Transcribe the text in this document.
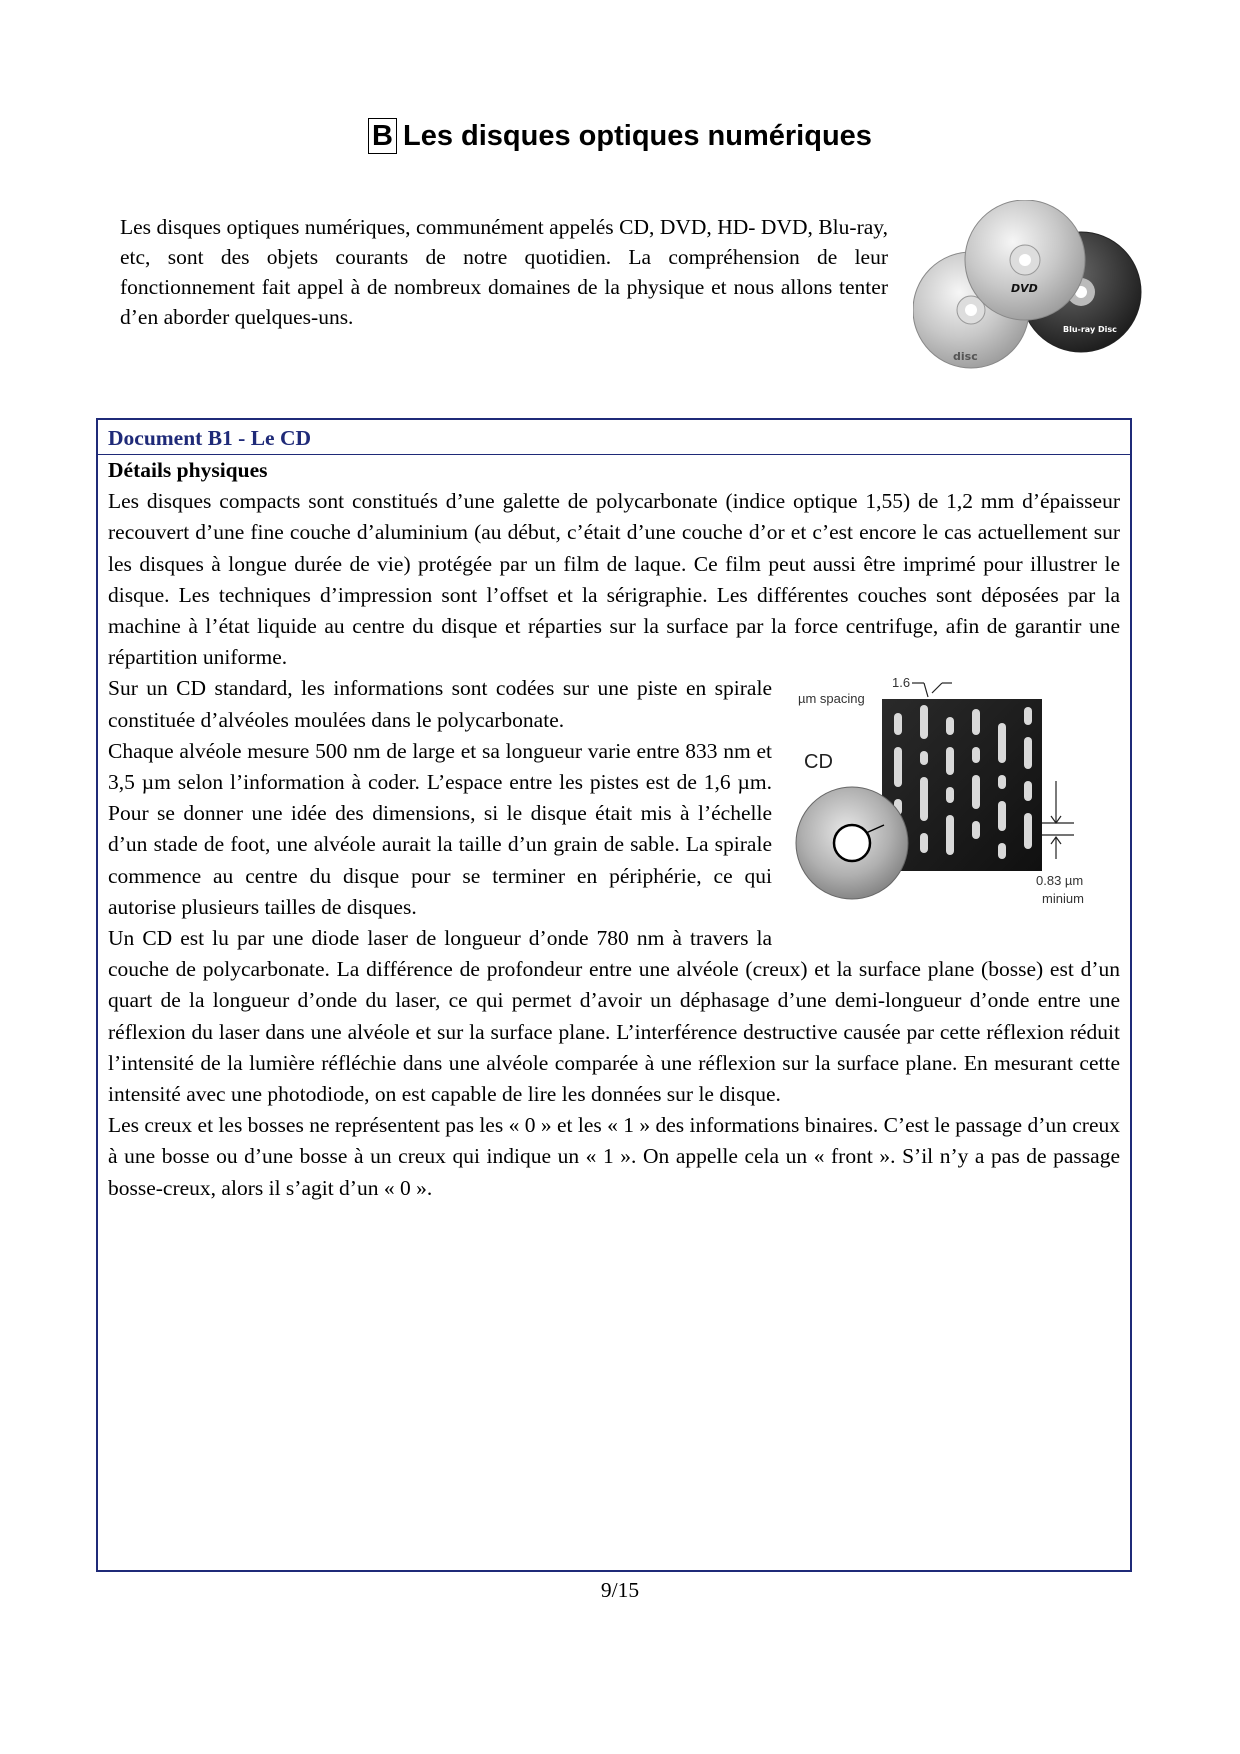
B Les disques optiques numériques

Les disques optiques numériques, communément appelés CD, DVD, HD- DVD, Blu-ray, etc, sont des objets courants de notre quotidien. La compréhension de leur fonctionnement fait appel à de nombreux domaines de la physique et nous allons tenter d’en aborder quelques-uns.

Blu-ray Disc
disc
DVD
Document B1 - Le CD

Détails physiques

Les disques compacts sont constitués d’une galette de polycarbonate (indice optique 1,55) de 1,2 mm d’épaisseur recouvert d’une fine couche d’aluminium (au début, c’était d’une couche d’or et c’est encore le cas actuellement sur les disques à longue durée de vie) protégée par un film de laque. Ce film peut aussi être imprimé pour illustrer le disque. Les techniques d’impression sont l’offset et la sérigraphie. Les différentes couches sont déposées par la machine à l’état liquide au centre du disque et réparties sur la surface par la force centrifuge, afin de garantir une répartition uniforme.

CD
1.6
µm spacing
0.83 µm
minium

Sur un CD standard, les informations sont codées sur une piste en spirale constituée d’alvéoles moulées dans le polycarbonate.

Chaque alvéole mesure 500 nm de large et sa longueur varie entre 833 nm et 3,5 µm selon l’information à coder. L’espace entre les pistes est de 1,6 µm. Pour se donner une idée des dimensions, si le disque était mis à l’échelle d’un stade de foot, une alvéole aurait la taille d’un grain de sable. La spirale commence au centre du disque pour se terminer en périphérie, ce qui autorise plusieurs tailles de disques.

Un CD est lu par une diode laser de longueur d’onde 780 nm à travers la couche de polycarbonate. La différence de profondeur entre une alvéole (creux) et la surface plane (bosse) est d’un quart de la longueur d’onde du laser, ce qui permet d’avoir un déphasage d’une demi-longueur d’onde entre une réflexion du laser dans une alvéole et sur la surface plane. L’interférence destructive causée par cette réflexion réduit l’intensité de la lumière réfléchie dans une alvéole comparée à une réflexion sur la surface plane. En mesurant cette intensité avec une photodiode, on est capable de lire les données sur le disque.

Les creux et les bosses ne représentent pas les « 0 » et les « 1 » des informations binaires. C’est le passage d’un creux à une bosse ou d’une bosse à un creux qui indique un « 1 ». On appelle cela un « front ». S’il n’y a pas de passage bosse-creux, alors il s’agit d’un « 0 ».

9/15
